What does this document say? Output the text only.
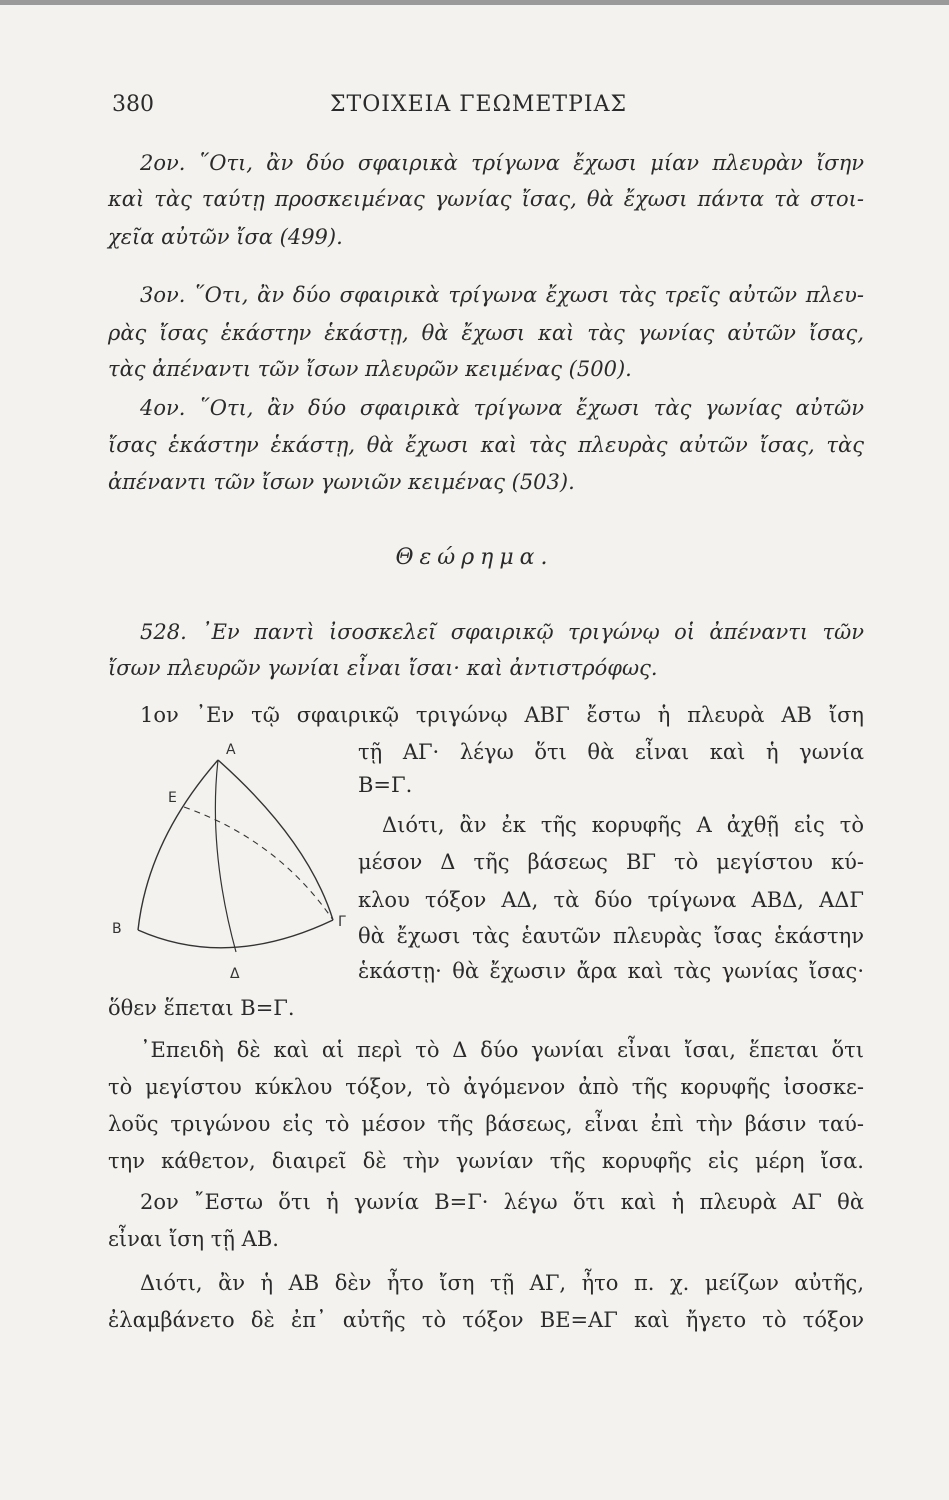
380	ΣΤΟΙΧΕΙΑ ΓΕΩΜΕΤΡΙΑΣ
2ον. ῞Οτι, ἂν δύο σφαιρικὰ τρίγωνα ἔχωσι μίαν πλευρὰν ἴσην
καὶ τὰς ταύτῃ προσκειμένας γωνίας ἴσας, θὰ ἔχωσι πάντα τὰ στοι-
χεῖα αὐτῶν ἴσα (499).
3ον. ῞Οτι, ἂν δύο σφαιρικὰ τρίγωνα ἔχωσι τὰς τρεῖς αὐτῶν πλευ-
ρὰς ἴσας ἑκάστην ἑκάστῃ, θὰ ἔχωσι καὶ τὰς γωνίας αὐτῶν ἴσας,
τὰς ἀπέναντι τῶν ἴσων πλευρῶν κειμένας (500).
4ον. ῞Οτι, ἂν δύο σφαιρικὰ τρίγωνα ἔχωσι τὰς γωνίας αὐτῶν
ἴσας ἑκάστην ἑκάστῃ, θὰ ἔχωσι καὶ τὰς πλευρὰς αὐτῶν ἴσας, τὰς
ἀπέναντι τῶν ἴσων γωνιῶν κειμένας (503).
Θεώρημα.
528. ᾿Εν παντὶ ἰσοσκελεῖ σφαιρικῷ τριγώνῳ οἱ ἀπέναντι τῶν
ἴσων πλευρῶν γωνίαι εἶναι ἴσαι· καὶ ἀντιστρόφως.
1ον ᾿Εν τῷ σφαιρικῷ τριγώνῳ ΑΒΓ ἔστω ἡ πλευρὰ ΑΒ ἴση
Α
Ε
Β	Γ
Δ
τῇ ΑΓ· λέγω ὅτι θὰ εἶναι καὶ ἡ γωνία
Β=Γ.
Διότι, ἂν ἐκ τῆς κορυφῆς Α ἀχθῇ εἰς τὸ
μέσον Δ τῆς βάσεως ΒΓ τὸ μεγίστου κύ-
κλου τόξον ΑΔ, τὰ δύο τρίγωνα ΑΒΔ, ΑΔΓ
θὰ ἔχωσι τὰς ἑαυτῶν πλευρὰς ἴσας ἑκάστην
ἑκάστῃ· θὰ ἔχωσιν ἄρα καὶ τὰς γωνίας ἴσας·
ὅθεν ἕπεται Β=Γ.
᾿Επειδὴ δὲ καὶ αἱ περὶ τὸ Δ δύο γωνίαι εἶναι ἴσαι, ἕπεται ὅτι
τὸ μεγίστου κύκλου τόξον, τὸ ἀγόμενον ἀπὸ τῆς κορυφῆς ἰσοσκε-
λοῦς τριγώνου εἰς τὸ μέσον τῆς βάσεως, εἶναι ἐπὶ τὴν βάσιν ταύ-
την κάθετον, διαιρεῖ δὲ τὴν γωνίαν τῆς κορυφῆς εἰς μέρη ἴσα.
2ον ῎Εστω ὅτι ἡ γωνία Β=Γ· λέγω ὅτι καὶ ἡ πλευρὰ ΑΓ θὰ
εἶναι ἴση τῇ ΑΒ.
Διότι, ἂν ἡ ΑΒ δὲν ἦτο ἴση τῇ ΑΓ, ἦτο π. χ. μείζων αὐτῆς,
ἐλαμβάνετο δὲ ἐπ᾿ αὐτῆς τὸ τόξον ΒΕ=ΑΓ καὶ ἤγετο τὸ τόξον
